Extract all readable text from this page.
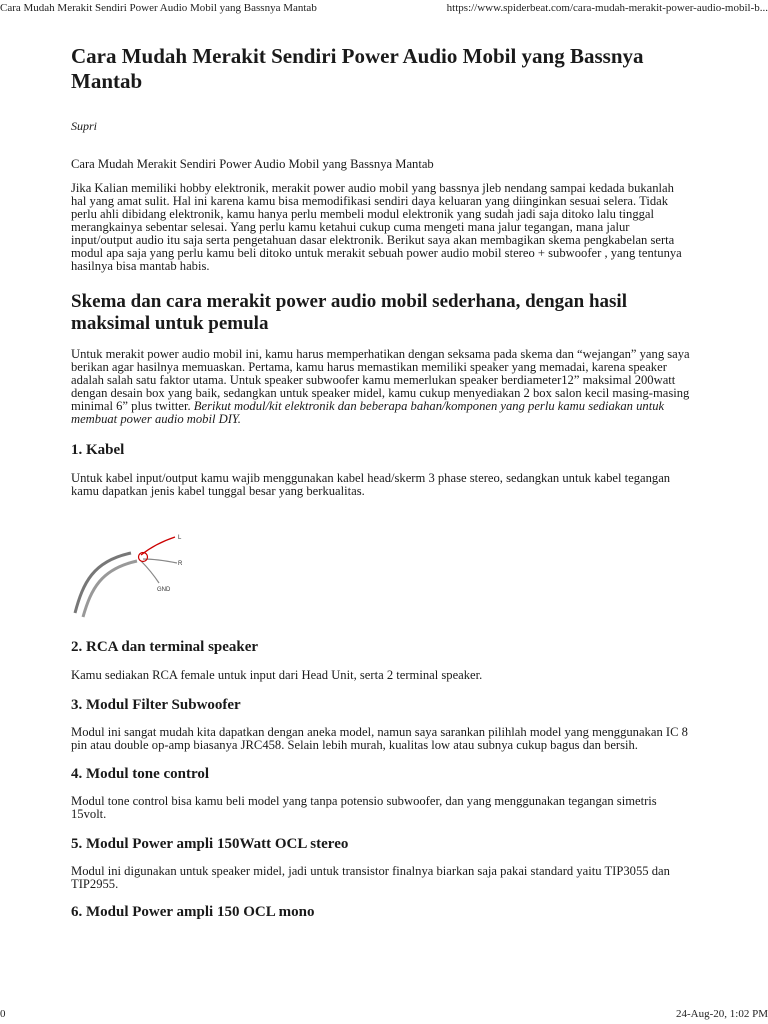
Cara Mudah Merakit Sendiri Power Audio Mobil yang Bassnya Mantab	https://www.spiderbeat.com/cara-mudah-merakit-power-audio-mobil-b...
Cara Mudah Merakit Sendiri Power Audio Mobil yang Bassnya Mantab
Supri

Cara Mudah Merakit Sendiri Power Audio Mobil yang Bassnya Mantab

Jika Kalian memiliki hobby elektronik, merakit power audio mobil yang bassnya jleb nendang sampai kedada bukanlah hal yang amat sulit. Hal ini karena kamu bisa memodifikasi sendiri daya keluaran yang diinginkan sesuai selera. Tidak perlu ahli dibidang elektronik, kamu hanya perlu membeli modul elektronik yang sudah jadi saja ditoko lalu tinggal merangkainya sebentar selesai. Yang perlu kamu ketahui cukup cuma mengeti mana jalur tegangan, mana jalur input/output audio itu saja serta pengetahuan dasar elektronik. Berikut saya akan membagikan skema pengkabelan serta modul apa saja yang perlu kamu beli ditoko untuk merakit sebuah power audio mobil stereo + subwoofer , yang tentunya hasilnya bisa mantab habis.

Skema dan cara merakit power audio mobil sederhana, dengan hasil maksimal untuk pemula

Untuk merakit power audio mobil ini, kamu harus memperhatikan dengan seksama pada skema dan “wejangan” yang saya berikan agar hasilnya memuaskan. Pertama, kamu harus memastikan memiliki speaker yang memadai, karena speaker adalah salah satu faktor utama. Untuk speaker subwoofer kamu memerlukan speaker berdiameter12” maksimal 200watt dengan desain box yang baik, sedangkan untuk speaker midel, kamu cukup menyediakan 2 box salon kecil masing-masing minimal 6” plus twitter. Berikut modul/kit elektronik dan beberapa bahan/komponen yang perlu kamu sediakan untuk membuat power audio mobil DIY.

1. Kabel

Untuk kabel input/output kamu wajib menggunakan kabel head/skerm 3 phase stereo, sedangkan untuk kabel tegangan kamu dapatkan jenis kabel tunggal besar yang berkualitas.

L
R
GND
2. RCA dan terminal speaker

Kamu sediakan RCA female untuk input dari Head Unit, serta 2 terminal speaker.

3. Modul Filter Subwoofer

Modul ini sangat mudah kita dapatkan dengan aneka model, namun saya sarankan pilihlah model yang menggunakan IC 8 pin atau double op-amp biasanya JRC458. Selain lebih murah, kualitas low atau subnya cukup bagus dan bersih.

4. Modul tone control

Modul tone control bisa kamu beli model yang tanpa potensio subwoofer, dan yang menggunakan tegangan simetris 15volt.

5. Modul Power ampli 150Watt OCL stereo

Modul ini digunakan untuk speaker midel, jadi untuk transistor finalnya biarkan saja pakai standard yaitu TIP3055 dan TIP2955.

6. Modul Power ampli 150 OCL mono
0	24-Aug-20, 1:02 PM
